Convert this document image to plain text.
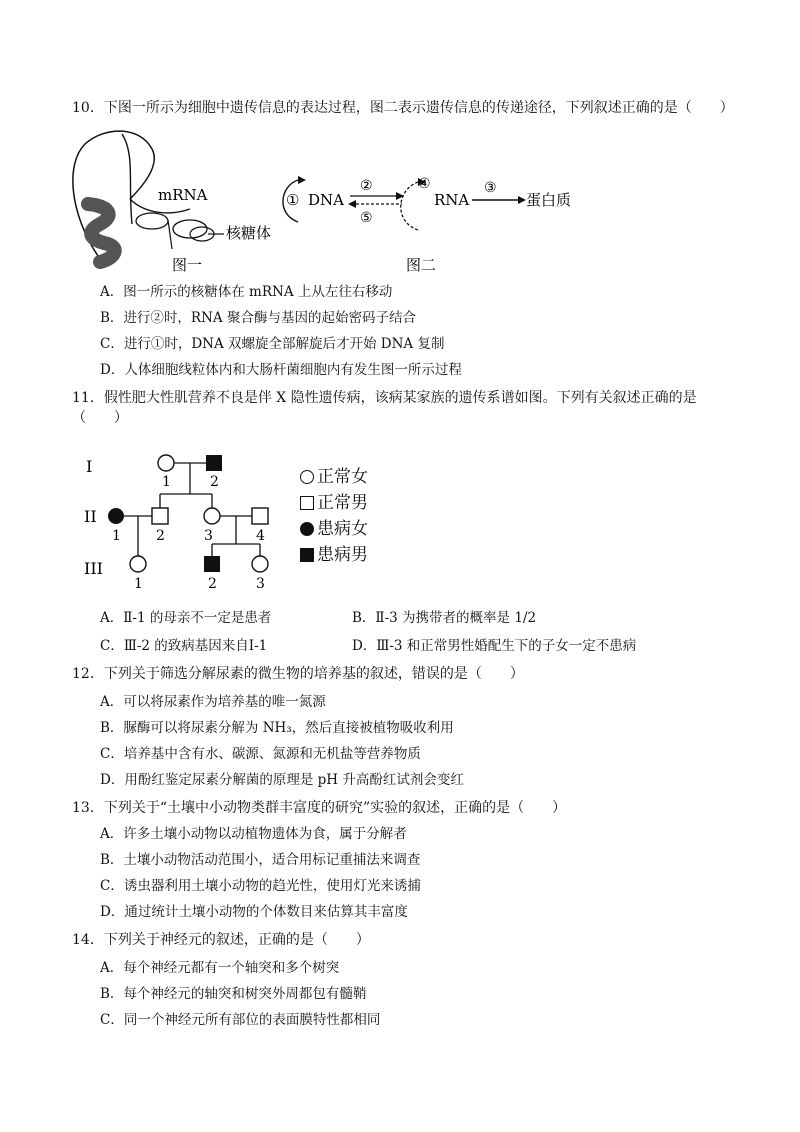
10．下图一所示为细胞中遗传信息的表达过程，图二表示遗传信息的传递途径，下列叙述正确的是（　　）
mRNA
核糖体
图一
① DNA
②
⑤
④
RNA
③
蛋白质
图二
A．图一所示的核糖体在 mRNA 上从左往右移动
B．进行②时，RNA 聚合酶与基因的起始密码子结合
C．进行①时，DNA 双螺旋全部解旋后才开始 DNA 复制
D．人体细胞线粒体内和大肠杆菌细胞内有发生图一所示过程
11．假性肥大性肌营养不良是伴 X 隐性遗传病，该病某家族的遗传系谱如图。下列有关叙述正确的是（　　）
I
II
III
1	2
1	2	3	4
1	2	3
正常女
正常男
患病女
患病男
A．Ⅱ-1 的母亲不一定是患者	B．Ⅱ-3 为携带者的概率是 1/2
C．Ⅲ-2 的致病基因来自Ⅰ-1	D．Ⅲ-3 和正常男性婚配生下的子女一定不患病
12．下列关于筛选分解尿素的微生物的培养基的叙述，错误的是（　　）
A．可以将尿素作为培养基的唯一氮源
B．脲酶可以将尿素分解为 NH₃，然后直接被植物吸收利用
C．培养基中含有水、碳源、氮源和无机盐等营养物质
D．用酚红鉴定尿素分解菌的原理是 pH 升高酚红试剂会变红
13．下列关于“土壤中小动物类群丰富度的研究”实验的叙述，正确的是（　　）
A．许多土壤小动物以动植物遗体为食，属于分解者
B．土壤小动物活动范围小，适合用标记重捕法来调查
C．诱虫器利用土壤小动物的趋光性，使用灯光来诱捕
D．通过统计土壤小动物的个体数目来估算其丰富度
14．下列关于神经元的叙述，正确的是（　　）
A．每个神经元都有一个轴突和多个树突
B．每个神经元的轴突和树突外周都包有髓鞘
C．同一个神经元所有部位的表面膜特性都相同
